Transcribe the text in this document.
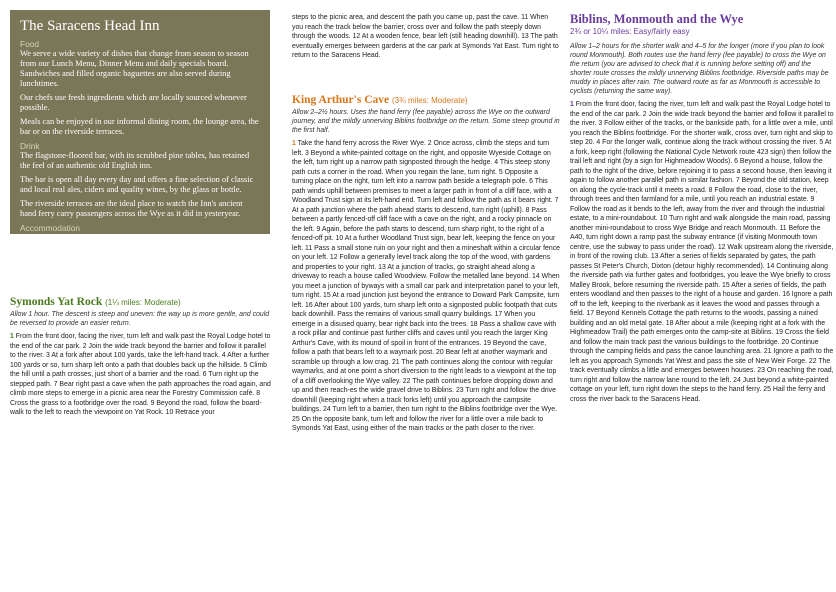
The Saracens Head Inn
Food

We serve a wide variety of dishes that change from season to season from our Lunch Menu, Dinner Menu and daily specials board. Sandwiches and filled organic baguettes are also served during lunchtimes.

Our chefs use fresh ingredients which are locally sourced whenever possible.

Meals can be enjoyed in our informal dining room, the lounge area, the bar or on the riverside terraces.

Drink

The flagstone-floored bar, with its scrubbed pine tables, has retained the feel of an authentic old English inn.

The bar is open all day every day and offers a fine selection of classic and local real ales, ciders and quality wines, by the glass or bottle.

The riverside terraces are the ideal place to watch the Inn's ancient hand ferry carry passengers across the Wye as it did in yesteryear.

Accommodation

We offer great-value bed & breakfasts to our guests. We have ten rooms, of which eight look over the River Wye.

We serve delicious cooked breakfasts for our guests.

Symonds Yat Rock (1¼ miles: Moderate)

Allow 1 hour. The descent is steep and uneven: the way up is more gentle, and could be reversed to provide an easier return.

1 From the front door, facing the river, turn left and walk past the Royal Lodge hotel to the end of the car park. 2 Join the wide track beyond the barrier and follow it parallel to the river. 3 At a fork after about 100 yards, take the left-hand track. 4 After a further 100 yards or so, turn sharp left onto a path that doubles back up the hillside. 5 Climb the hill until a path crosses, just short of a barrier and the road. 6 Turn right up the stepped path. 7 Bear right past a cave when the path approaches the road again, and climb more steps to emerge in a picnic area near the Forestry Commission café. 8 Cross the grass to a footbridge over the road. 9 Beyond the road, follow the board-walk to the left to reach the viewpoint on Yat Rock. 10 Retrace your

steps to the picnic area, and descent the path you came up, past the cave. 11 When you reach the track below the barrier, cross over and follow the path steeply down through the woods. 12 At a wooden fence, bear left (still heading downhill). 13 The path eventually emerges between gardens at the car park at Symonds Yat East. Turn right to return to the Saracens Head.

King Arthur's Cave (3¾ miles: Moderate)

Allow 2–2½ hours. Uses the hand ferry (fee payable) across the Wye on the outward journey, and the mildly unnerving Biblins footbridge on the return. Some steep ground in the first half.

1 Take the hand ferry across the River Wye. 2 Once across, climb the steps and turn left. 3 Beyond a white-painted cottage on the right, and opposite Wyeside Cottage on the left, turn right up a narrow path signposted through the hedge. 4 This steep stony path cuts a corner in the road. When you regain the lane, turn right. 5 Opposite a turning place on the right, turn left into a narrow path beside a telegraph pole. 6 This path winds uphill between premises to meet a larger path in front of a cliff face, with a Woodland Trust sign at its left-hand end. Turn left and follow the path as it bears right. 7 At a path junction where the path ahead starts to descend, turn right (uphill). 8 Pass between a partly fenced-off cliff face with a cave on the right, and a rocky pinnacle on the left. 9 Again, before the path starts to descend, turn sharp right, to the right of a fenced-off pit. 10 At a further Woodland Trust sign, bear left, keeping the fence on your left. 11 Pass a small stone ruin on your right and then a mineshaft within a circular fence on your left. 12 Follow a generally level track along the top of the wood, with gardens and properties to your right. 13 At a junction of tracks, go straight ahead along a driveway to reach a house called Woodview. Follow the metalled lane beyond. 14 When you meet a junction of byways with a small car park and interpretation panel to your left, turn right. 15 At a road junction just beyond the entrance to Doward Park Campsite, turn left. 16 After about 100 yards, turn sharp left onto a signposted public footpath that cuts back downhill. Pass the remains of various small quarry buildings. 17 When you emerge in a disused quarry, bear right back into the trees. 18 Pass a shallow cave with a rock pillar and continue past further cliffs and caves until you reach the larger King Arthur's Cave, with its mound of spoil in front of the entrances. 19 Beyond the cave, follow a path that bears left to a waymark post. 20 Bear left at another waymark and scramble up through a low crag. 21 The path continues along the contour with regular waymarks, and at one point a short diversion to the right leads to a viewpoint at the top of a cliff overlooking the Wye valley. 22 The path continues before dropping down and up and then reach-es the wide gravel drive to Biblins. 23 Turn right and follow the drive downhill (keeping right when a track forks left) until you approach the campsite buildings. 24 Turn left to a barrier, then turn right to the Biblins footbridge over the Wye. 25 On the opposite bank, turn left and follow the river for a little over a mile back to Symonds Yat East, using either of the main tracks or the path closer to the river.

Biblins, Monmouth and the Wye
2¾ or 10¼ miles: Easy/fairly easy

Allow 1–2 hours for the shorter walk and 4–5 for the longer (more if you plan to look round Monmouth). Both routes use the hand ferry (fee payable) to cross the Wye on the return (you are advised to check that it is running before setting off) and the shorter route crosses the mildly unnerving Biblins footbridge. Riverside paths may be muddy in places after rain. The outward route as far as Monmouth is accessible to cyclists (returning the same way).

1 From the front door, facing the river, turn left and walk past the Royal Lodge hotel to the end of the car park. 2 Join the wide track beyond the barrier and follow it parallel to the river. 3 Follow either of the tracks, or the bankside path, for a little over a mile, until you reach the Biblins footbridge. For the shorter walk, cross over, turn right and skip to step 20. 4 For the longer walk, continue along the track without crossing the river. 5 At a fork, keep right (following the National Cycle Network route 423 sign) then follow the trail left and right (by a sign for Highmeadow Woods). 6 Beyond a house, follow the path to the right of the drive, before rejoining it to pass a second house, then leaving it again to follow another parallel path in similar fashion. 7 Beyond the old station, keep on along the cycle-track until it meets a road. 8 Follow the road, close to the river, through trees and then farmland for a mile, until you reach an industrial estate. 9 Follow the road as it bends to the left, away from the river and through the industrial estate, to a mini-roundabout. 10 Turn right and walk alongside the main road, passing another mini-roundabout to cross Wye Bridge and reach Monmouth. 11 Before the A40, turn right down a ramp past the subway entrance (if visiting Monmouth town centre, use the subway to pass under the road). 12 Walk upstream along the riverside, in front of the rowing club. 13 After a series of fields separated by gates, the path passes St Peter's Church, Dixton (detour highly recommended). 14 Continuing along the riverside path via further gates and footbridges, you leave the Wye briefly to cross Malley Brook, before resuming the riverside path. 15 After a series of fields, the path enters woodland and then passes to the right of a house and garden. 16 Ignore a path off to the left, keeping to the riverbank as it leaves the wood and passes through a field. 17 Beyond Kennels Cottage the path returns to the woods, passing a ruined building and an old metal gate. 18 After about a mile (keeping right at a fork with the Highmeadow Trail) the path emerges onto the camp-site at Biblins. 19 Cross the field and follow the main track past the various buildings to the footbridge. 20 Continue through the camping fields and pass the canoe launching area. 21 Ignore a path to the left as you approach Symonds Yat West and pass the site of New Weir Forge. 22 The track eventually climbs a little and emerges between houses. 23 On reaching the road, turn right and follow the narrow lane round to the left. 24 Just beyond a white-painted cottage on your left, turn right down the steps to the hand ferry. 25 Hail the ferry and cross the river back to the Saracens Head.
